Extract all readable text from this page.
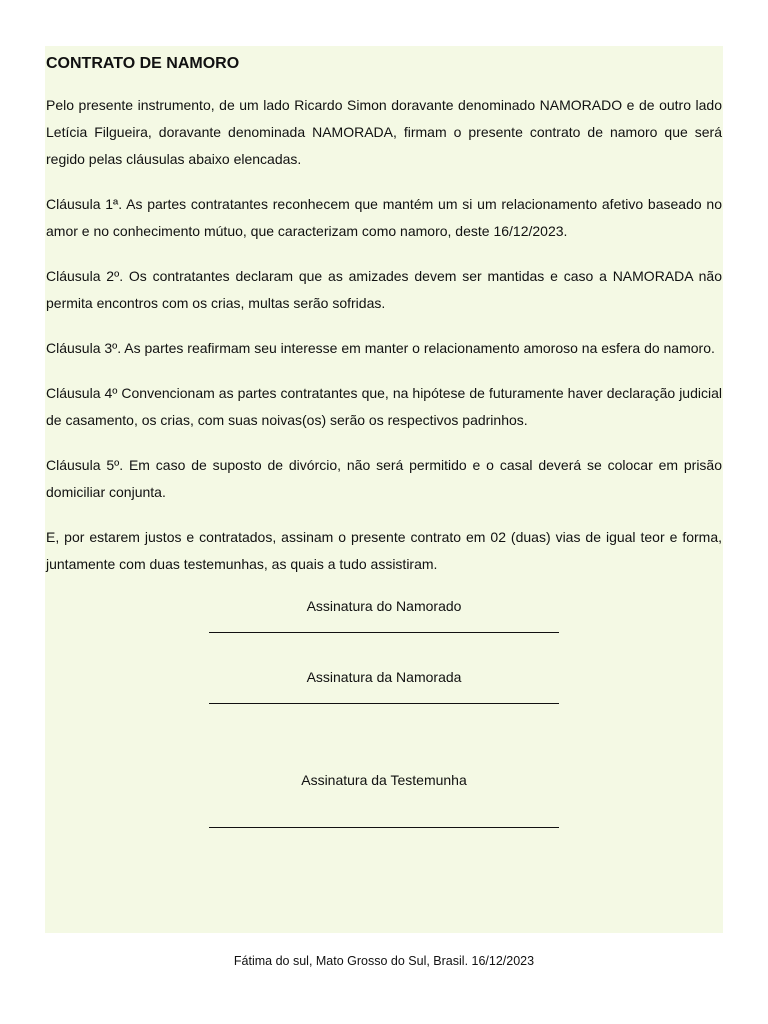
CONTRATO DE NAMORO

Pelo presente instrumento, de um lado Ricardo Simon doravante denominado NAMORADO e de outro lado Letícia Filgueira, doravante denominada NAMORADA, firmam o presente contrato de namoro que será regido pelas cláusulas abaixo elencadas.

Cláusula 1ª. As partes contratantes reconhecem que mantém um si um relacionamento afetivo baseado no amor e no conhecimento mútuo, que caracterizam como namoro, deste 16/12/2023.

Cláusula 2º. Os contratantes declaram que as amizades devem ser mantidas e caso a NAMORADA não permita encontros com os crias, multas serão sofridas.

Cláusula 3º. As partes reafirmam seu interesse em manter o relacionamento amoroso na esfera do namoro.

Cláusula 4º Convencionam as partes contratantes que, na hipótese de futuramente haver declaração judicial de casamento, os crias, com suas noivas(os) serão os respectivos padrinhos.

Cláusula 5º. Em caso de suposto de divórcio, não será permitido e o casal deverá se colocar em prisão domiciliar conjunta.

E, por estarem justos e contratados, assinam o presente contrato em 02 (duas) vias de igual teor e forma, juntamente com duas testemunhas, as quais a tudo assistiram.

Assinatura do Namorado

Assinatura da Namorada

Assinatura da Testemunha

Fátima do sul, Mato Grosso do Sul, Brasil. 16/12/2023
